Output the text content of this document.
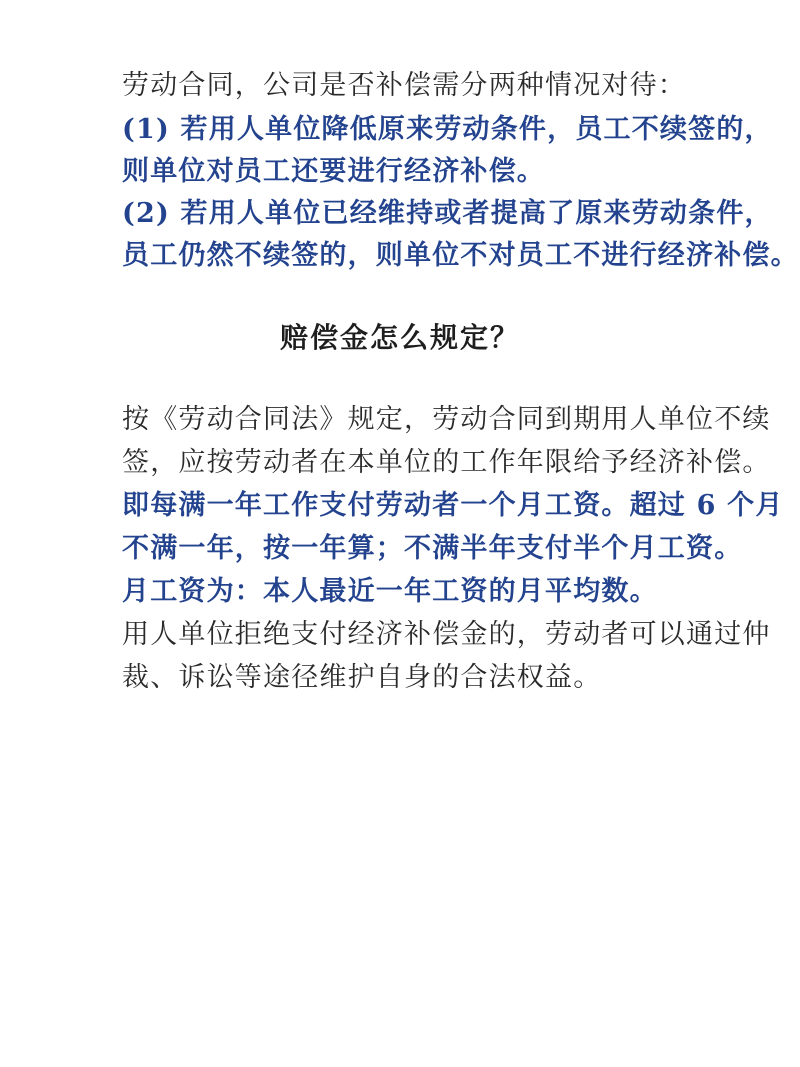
劳动合同，公司是否补偿需分两种情况对待：
(1) 若用人单位降低原来劳动条件，员工不续签的，
则单位对员工还要进行经济补偿。
(2) 若用人单位已经维持或者提高了原来劳动条件，
员工仍然不续签的，则单位不对员工不进行经济补偿。
赔偿金怎么规定？
按《劳动合同法》规定，劳动合同到期用人单位不续
签，应按劳动者在本单位的工作年限给予经济补偿。
即每满一年工作支付劳动者一个月工资。超过 6 个月
不满一年，按一年算；不满半年支付半个月工资。
月工资为：本人最近一年工资的月平均数。
用人单位拒绝支付经济补偿金的，劳动者可以通过仲
裁、诉讼等途径维护自身的合法权益。
